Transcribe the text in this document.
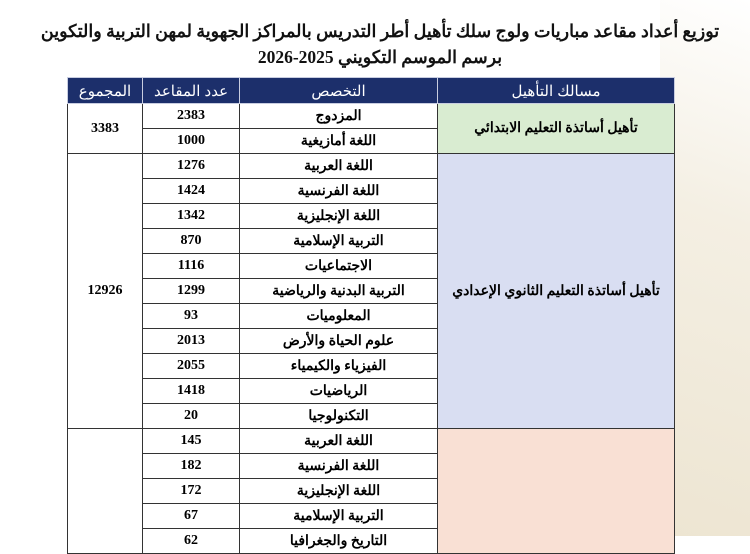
توزيع أعداد مقاعد مباريات ولوج سلك تأهيل أطر التدريس بالمراكز الجهوية لمهن التربية والتكوين برسم الموسم التكويني 2025-2026
مسالك التأهيل	التخصص	عدد المقاعد	المجموع
تأهيل أساتذة التعليم الابتدائي	المزدوج	2383	3383
	اللغة أمازيغية	1000	
تأهيل أساتذة التعليم الثانوي الإعدادي	اللغة العربية	1276	12926
	اللغة الفرنسية	1424	
	اللغة الإنجليزية	1342	
	التربية الإسلامية	870	
	الاجتماعيات	1116	
	التربية البدنية والرياضية	1299	
	المعلوميات	93	
	علوم الحياة والأرض	2013	
	الفيزياء والكيمياء	2055	
	الرياضيات	1418	
	التكنولوجيا	20	
	اللغة العربية	145	
	اللغة الفرنسية	182	
	اللغة الإنجليزية	172	
	التربية الإسلامية	67	
	التاريخ والجغرافيا	62	
